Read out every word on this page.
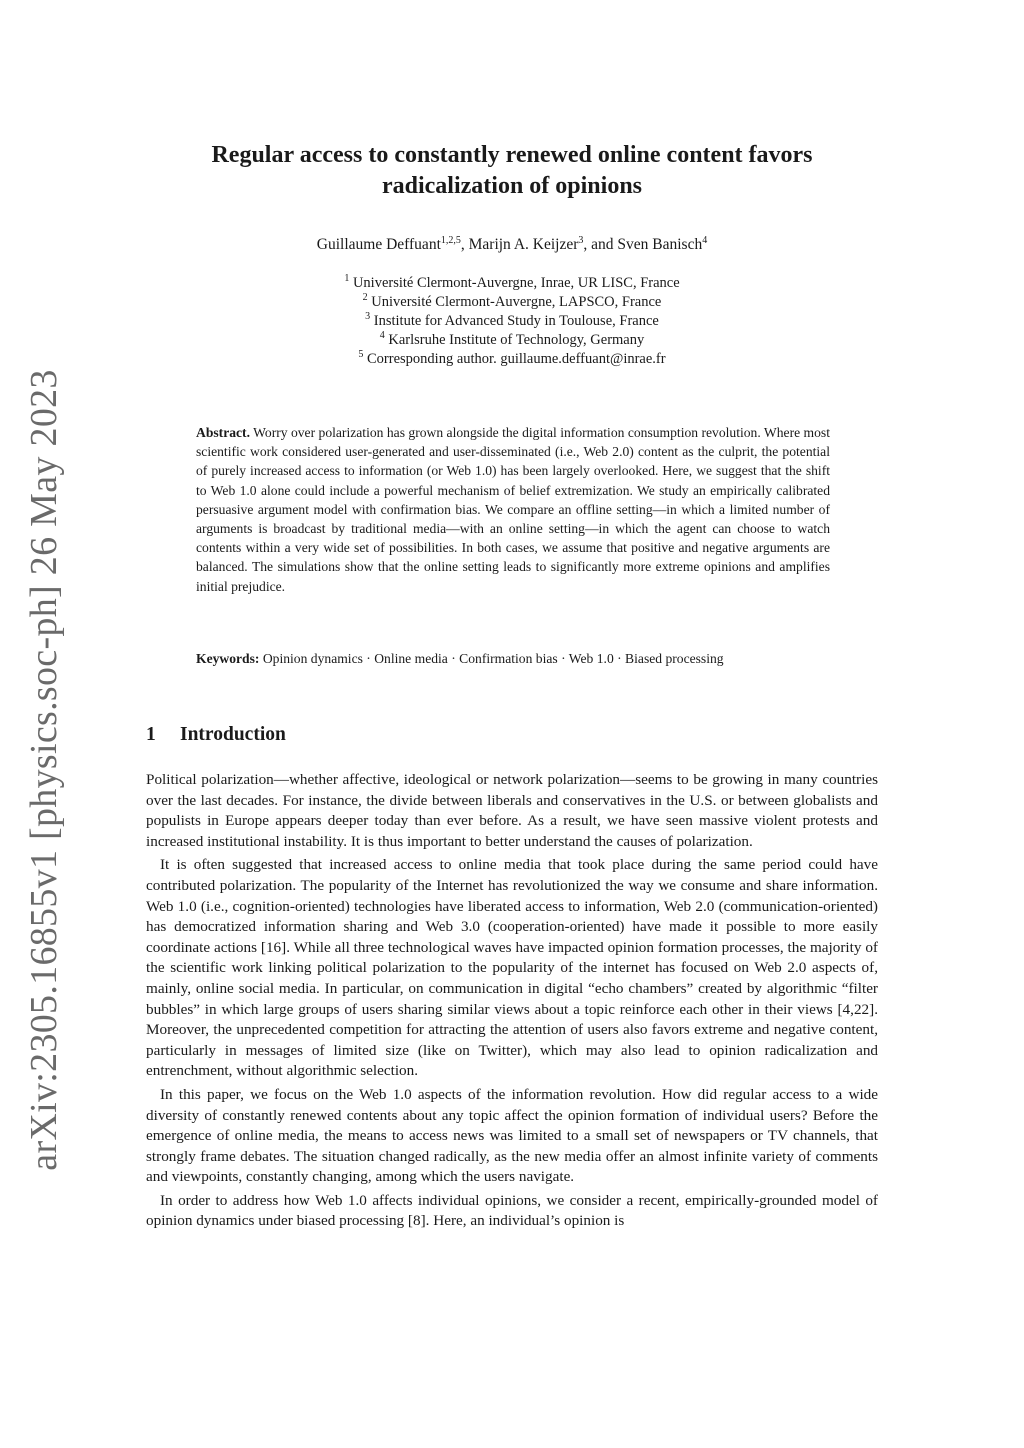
arXiv:2305.16855v1 [physics.soc-ph] 26 May 2023
Regular access to constantly renewed online content favors radicalization of opinions
Guillaume Deffuant$^{1,2,5}$, Marijn A. Keijzer$^3$, and Sven Banisch$^4$
$^1$ Université Clermont-Auvergne, Inrae, UR LISC, France
$^2$ Université Clermont-Auvergne, LAPSCO, France
$^3$ Institute for Advanced Study in Toulouse, France
$^4$ Karlsruhe Institute of Technology, Germany
$^5$ Corresponding author. guillaume.deffuant@inrae.fr
Abstract. Worry over polarization has grown alongside the digital information consumption revolution. Where most scientific work considered user-generated and user-disseminated (i.e., Web 2.0) content as the culprit, the potential of purely increased access to information (or Web 1.0) has been largely overlooked. Here, we suggest that the shift to Web 1.0 alone could include a powerful mechanism of belief extremization. We study an empirically calibrated persuasive argument model with confirmation bias. We compare an offline setting—in which a limited number of arguments is broadcast by traditional media—with an online setting—in which the agent can choose to watch contents within a very wide set of possibilities. In both cases, we assume that positive and negative arguments are balanced. The simulations show that the online setting leads to significantly more extreme opinions and amplifies initial prejudice.
Keywords: Opinion dynamics · Online media · Confirmation bias · Web 1.0 · Biased processing
1 Introduction

Political polarization—whether affective, ideological or network polarization—seems to be growing in many countries over the last decades. For instance, the divide between liberals and conservatives in the U.S. or between globalists and populists in Europe appears deeper today than ever before. As a result, we have seen massive violent protests and increased institutional instability. It is thus important to better understand the causes of polarization.

It is often suggested that increased access to online media that took place during the same period could have contributed polarization. The popularity of the Internet has revolutionized the way we consume and share information. Web 1.0 (i.e., cognition-oriented) technologies have liberated access to information, Web 2.0 (communication-oriented) has democratized information sharing and Web 3.0 (cooperation-oriented) have made it possible to more easily coordinate actions [16]. While all three technological waves have impacted opinion formation processes, the majority of the scientific work linking political polarization to the popularity of the internet has focused on Web 2.0 aspects of, mainly, online social media. In particular, on communication in digital “echo chambers” created by algorithmic “filter bubbles” in which large groups of users sharing similar views about a topic reinforce each other in their views [4,22]. Moreover, the unprecedented competition for attracting the attention of users also favors extreme and negative content, particularly in messages of limited size (like on Twitter), which may also lead to opinion radicalization and entrenchment, without algorithmic selection.

In this paper, we focus on the Web 1.0 aspects of the information revolution. How did regular access to a wide diversity of constantly renewed contents about any topic affect the opinion formation of individual users? Before the emergence of online media, the means to access news was limited to a small set of newspapers or TV channels, that strongly frame debates. The situation changed radically, as the new media offer an almost infinite variety of comments and viewpoints, constantly changing, among which the users navigate.

In order to address how Web 1.0 affects individual opinions, we consider a recent, empirically-grounded model of opinion dynamics under biased processing [8]. Here, an individual’s opinion is
